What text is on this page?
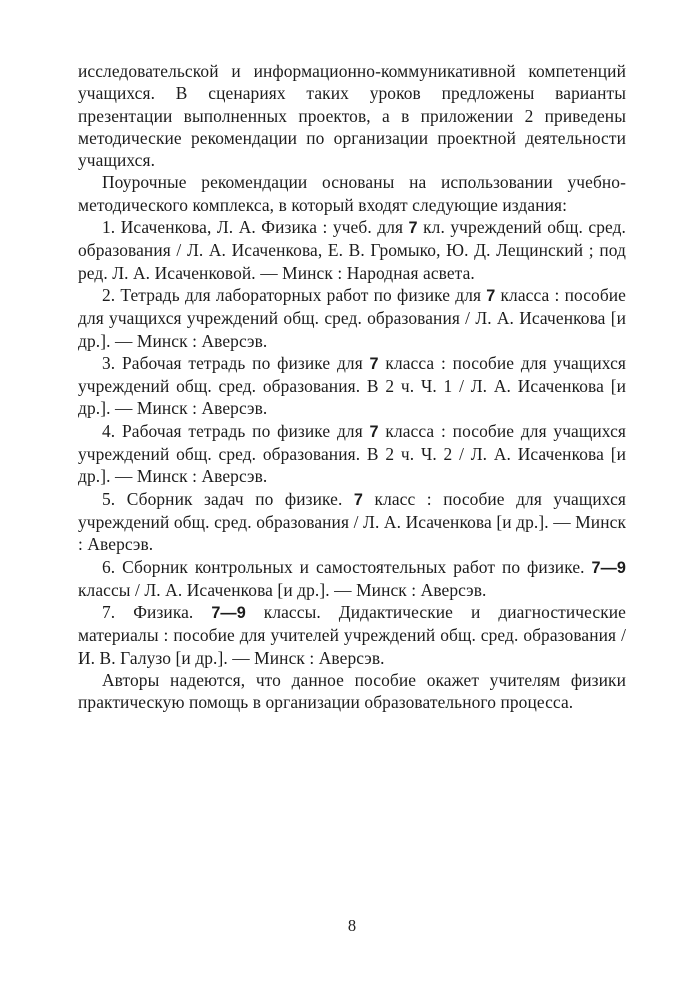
исследовательской и информационно-коммуникативной компетенций учащихся. В сценариях таких уроков предложены варианты презентации выполненных проектов, а в приложении 2 приведены методические рекомендации по организации проектной деятельности учащихся.

Поурочные рекомендации основаны на использовании учебно-методического комплекса, в который входят следующие издания:

1. Исаченкова, Л. А. Физика : учеб. для 7 кл. учреждений общ. сред. образования / Л. А. Исаченкова, Е. В. Громыко, Ю. Д. Лещинский ; под ред. Л. А. Исаченковой. — Минск : Народная асвета.

2. Тетрадь для лабораторных работ по физике для 7 класса : пособие для учащихся учреждений общ. сред. образования / Л. А. Исаченкова [и др.]. — Минск : Аверсэв.

3. Рабочая тетрадь по физике для 7 класса : пособие для учащихся учреждений общ. сред. образования. В 2 ч. Ч. 1 / Л. А. Исаченкова [и др.]. — Минск : Аверсэв.

4. Рабочая тетрадь по физике для 7 класса : пособие для учащихся учреждений общ. сред. образования. В 2 ч. Ч. 2 / Л. А. Исаченкова [и др.]. — Минск : Аверсэв.

5. Сборник задач по физике. 7 класс : пособие для учащихся учреждений общ. сред. образования / Л. А. Исаченкова [и др.]. — Минск : Аверсэв.

6. Сборник контрольных и самостоятельных работ по физике. 7—9 классы / Л. А. Исаченкова [и др.]. — Минск : Аверсэв.

7. Физика. 7—9 классы. Дидактические и диагностические материалы : пособие для учителей учреждений общ. сред. образования / И. В. Галузо [и др.]. — Минск : Аверсэв.

Авторы надеются, что данное пособие окажет учителям физики практическую помощь в организации образовательного процесса.

8
